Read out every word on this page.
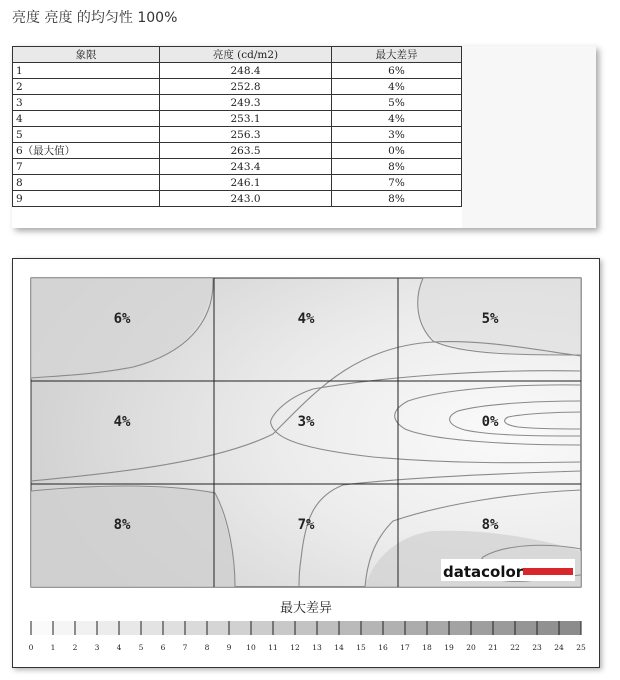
亮度 亮度 的均匀性 100%
象限	亮度 (cd/m2)	最大差异
1	248.4	6%
2	252.8	4%
3	249.3	5%
4	253.1	4%
5	256.3	3%
6（最大值）	263.5	0%
7	243.4	8%
8	246.1	7%
9	243.0	8%
6%	4%	5%
4%	3%	0%
8%	7%	8%
datacolor
最大差异
0 1 2 3 4 5 6 7 8 9 10 11 12 13 14 15 16 17 18 19 20 21 22 23 24 25
